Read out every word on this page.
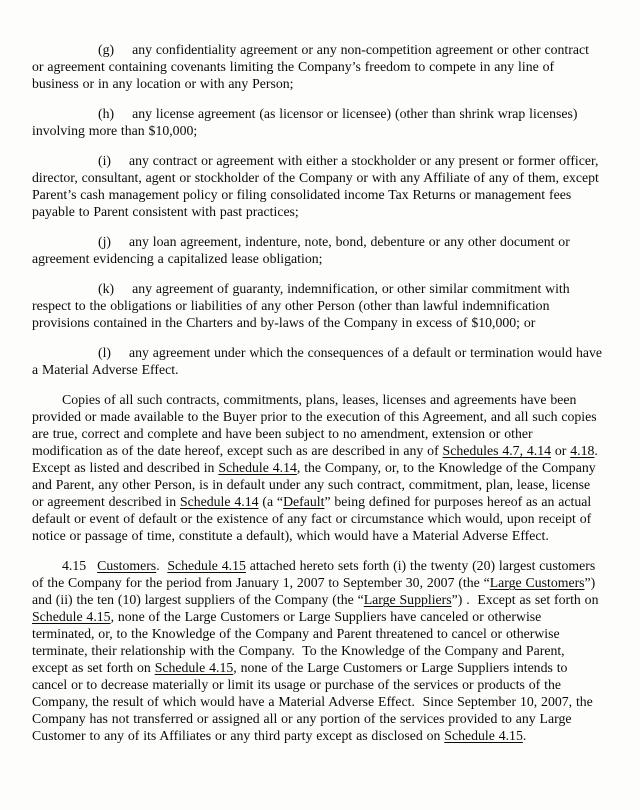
(g) any confidentiality agreement or any non-competition agreement or other contract or agreement containing covenants limiting the Company’s freedom to compete in any line of business or in any location or with any Person;

(h) any license agreement (as licensor or licensee) (other than shrink wrap licenses) involving more than $10,000;

(i) any contract or agreement with either a stockholder or any present or former officer, director, consultant, agent or stockholder of the Company or with any Affiliate of any of them, except Parent’s cash management policy or filing consolidated income Tax Returns or management fees payable to Parent consistent with past practices;

(j) any loan agreement, indenture, note, bond, debenture or any other document or agreement evidencing a capitalized lease obligation;

(k) any agreement of guaranty, indemnification, or other similar commitment with respect to the obligations or liabilities of any other Person (other than lawful indemnification provisions contained in the Charters and by-laws of the Company in excess of $10,000; or

(l) any agreement under which the consequences of a default or termination would have a Material Adverse Effect.

Copies of all such contracts, commitments, plans, leases, licenses and agreements have been provided or made available to the Buyer prior to the execution of this Agreement, and all such copies are true, correct and complete and have been subject to no amendment, extension or other modification as of the date hereof, except such as are described in any of Schedules 4.7, 4.14 or 4.18.  Except as listed and described in Schedule 4.14, the Company, or, to the Knowledge of the Company and Parent, any other Person, is in default under any such contract, commitment, plan, lease, license or agreement described in Schedule 4.14 (a “Default” being defined for purposes hereof as an actual default or event of default or the existence of any fact or circumstance which would, upon receipt of notice or passage of time, constitute a default), which would have a Material Adverse Effect.

4.15 Customers.  Schedule 4.15 attached hereto sets forth (i) the twenty (20) largest customers of the Company for the period from January 1, 2007 to September 30, 2007 (the “Large Customers”) and (ii) the ten (10) largest suppliers of the Company (the “Large Suppliers”) .  Except as set forth on Schedule 4.15, none of the Large Customers or Large Suppliers have canceled or otherwise terminated, or, to the Knowledge of the Company and Parent threatened to cancel or otherwise terminate, their relationship with the Company.  To the Knowledge of the Company and Parent, except as set forth on Schedule 4.15, none of the Large Customers or Large Suppliers intends to cancel or to decrease materially or limit its usage or purchase of the services or products of the Company, the result of which would have a Material Adverse Effect.  Since September 10, 2007, the Company has not transferred or assigned all or any portion of the services provided to any Large Customer to any of its Affiliates or any third party except as disclosed on Schedule 4.15.
